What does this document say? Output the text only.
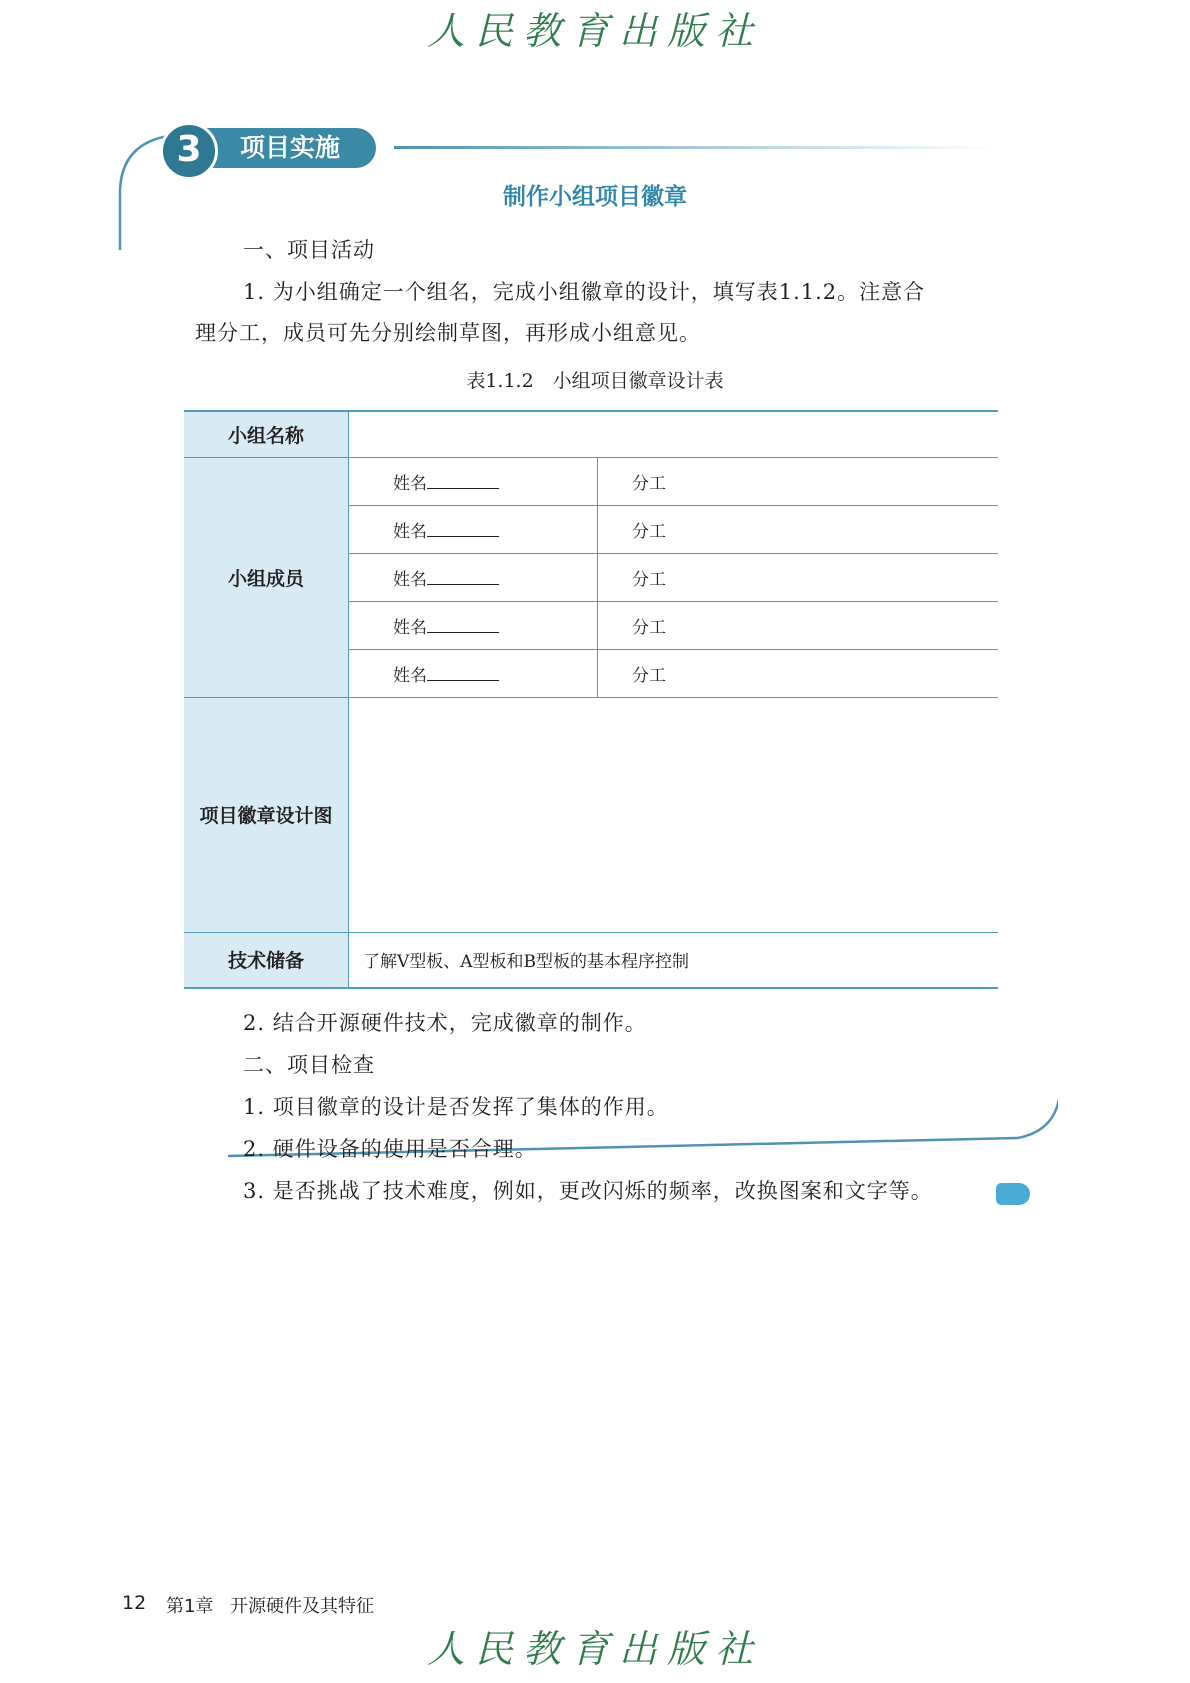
人民教育出版社
3	项目实施
制作小组项目徽章
一、项目活动
1. 为小组确定一个组名，完成小组徽章的设计，填写表1.1.2。注意合
理分工，成员可先分别绘制草图，再形成小组意见。
表1.1.2　小组项目徽章设计表
小组名称		
小组成员	姓名	分工
	姓名	分工
	姓名	分工
	姓名	分工
	姓名	分工
项目徽章设计图		
技术储备	了解V型板、A型板和B型板的基本程序控制	
2. 结合开源硬件技术，完成徽章的制作。
二、项目检查
1. 项目徽章的设计是否发挥了集体的作用。
2. 硬件设备的使用是否合理。
3. 是否挑战了技术难度，例如，更改闪烁的频率，改换图案和文字等。
12 第1章 开源硬件及其特征
人民教育出版社
